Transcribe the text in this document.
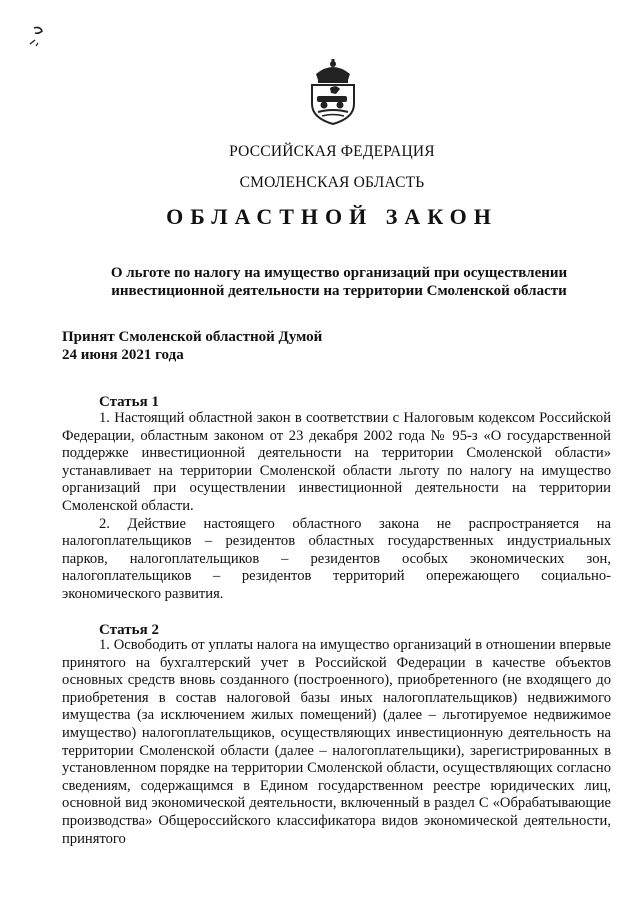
РОССИЙСКАЯ ФЕДЕРАЦИЯ
СМОЛЕНСКАЯ ОБЛАСТЬ
ОБЛАСТНОЙ ЗАКОН
О льготе по налогу на имущество организаций при осуществлении инвестиционной деятельности на территории Смоленской области
Принят Смоленской областной Думой
24 июня 2021 года
Статья 1

1. Настоящий областной закон в соответствии с Налоговым кодексом Российской Федерации, областным законом от 23 декабря 2002 года № 95-з «О государственной поддержке инвестиционной деятельности на территории Смоленской области» устанавливает на территории Смоленской области льготу по налогу на имущество организаций при осуществлении инвестиционной деятельности на территории Смоленской области.

2. Действие настоящего областного закона не распространяется на налогоплательщиков – резидентов областных государственных индустриальных парков, налогоплательщиков – резидентов особых экономических зон, налогоплательщиков – резидентов территорий опережающего социально-экономического развития.

Статья 2

1. Освободить от уплаты налога на имущество организаций в отношении впервые принятого на бухгалтерский учет в Российской Федерации в качестве объектов основных средств вновь созданного (построенного), приобретенного (не входящего до приобретения в состав налоговой базы иных налогоплательщиков) недвижимого имущества (за исключением жилых помещений) (далее – льготируемое недвижимое имущество) налогоплательщиков, осуществляющих инвестиционную деятельность на территории Смоленской области (далее – налогоплательщики), зарегистрированных в установленном порядке на территории Смоленской области, осуществляющих согласно сведениям, содержащимся в Едином государственном реестре юридических лиц, основной вид экономической деятельности, включенный в раздел С «Обрабатывающие производства» Общероссийского классификатора видов экономической деятельности, принятого
